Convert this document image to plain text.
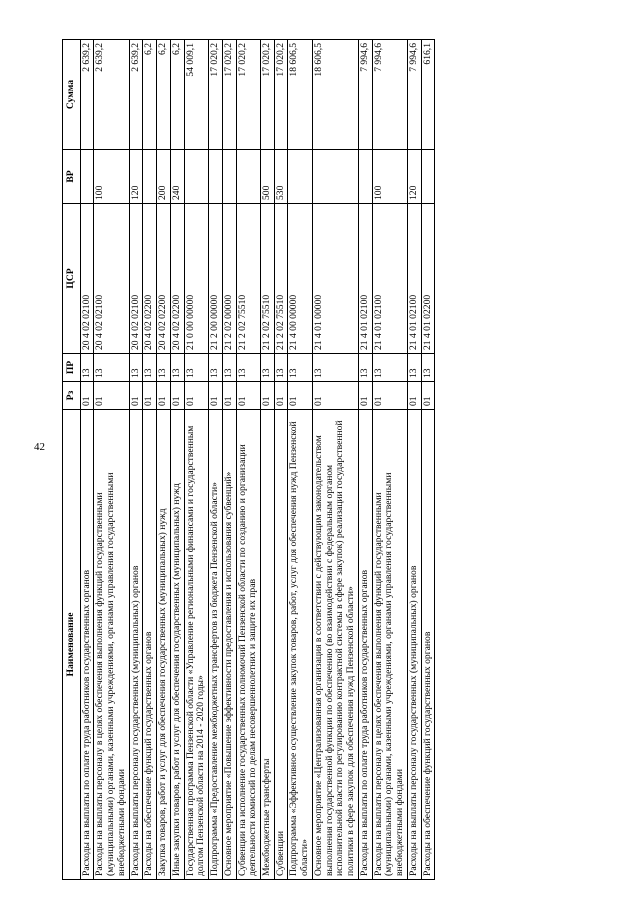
42
Наименование	Рз	ПР	ЦСР	ВР	Сумма
Расходы на выплаты по оплате труда работников государственных органов	01	13	20 4 02 02100		2 639,2
Расходы на выплаты персоналу в целях обеспечения выполнения функций государственными (муниципальными) органами, казенными учреждениями, органами управления государственными внебюджетными фондами	01	13	20 4 02 02100	100	2 639,2
Расходы на выплаты персоналу государственных (муниципальных) органов	01	13	20 4 02 02100	120	2 639,2
Расходы на обеспечение функций государственных органов	01	13	20 4 02 02200		6,2
Закупка товаров, работ и услуг для обеспечения государственных (муниципальных) нужд	01	13	20 4 02 02200	200	6,2
Иные закупки товаров, работ и услуг для обеспечения государственных (муниципальных) нужд	01	13	20 4 02 02200	240	6,2
Государственная программа Пензенской области «Управление региональными финансами и государственным долгом Пензенской области на 2014 - 2020 годы»	01	13	21 0 00 00000		54 009,1
Подпрограмма «Предоставление межбюджетных трансфертов из бюджета Пензенской области»	01	13	21 2 00 00000		17 020,2
Основное мероприятие «Повышение эффективности предоставления и использования субвенций»	01	13	21 2 02 00000		17 020,2
Субвенции на исполнение государственных полномочий Пензенской области по созданию и организации деятельности комиссий по делам несовершеннолетних и защите их прав	01	13	21 2 02 75510		17 020,2
Межбюджетные трансферты	01	13	21 2 02 75510	500	17 020,2
Субвенции	01	13	21 2 02 75510	530	17 020,2
Подпрограмма «Эффективное осуществление закупок товаров, работ, услуг для обеспечения нужд Пензенской области»	01	13	21 4 00 00000		18 606,5
Основное мероприятие «Централизованная организация в соответствии с действующим законодательством выполнения государственной функции по обеспечению (во взаимодействии с федеральным органом исполнительной власти по регулированию контрактной системы в сфере закупок) реализации государственной политики в сфере закупок для обеспечения нужд Пензенской области»	01	13	21 4 01 00000		18 606,5
Расходы на выплаты по оплате труда работников государственных органов	01	13	21 4 01 02100		7 994,6
Расходы на выплаты персоналу в целях обеспечения выполнения функций государственными (муниципальными) органами, казенными учреждениями, органами управления государственными внебюджетными фондами	01	13	21 4 01 02100	100	7 994,6
Расходы на выплаты персоналу государственных (муниципальных) органов	01	13	21 4 01 02100	120	7 994,6
Расходы на обеспечение функций государственных органов	01	13	21 4 01 02200		616,1
